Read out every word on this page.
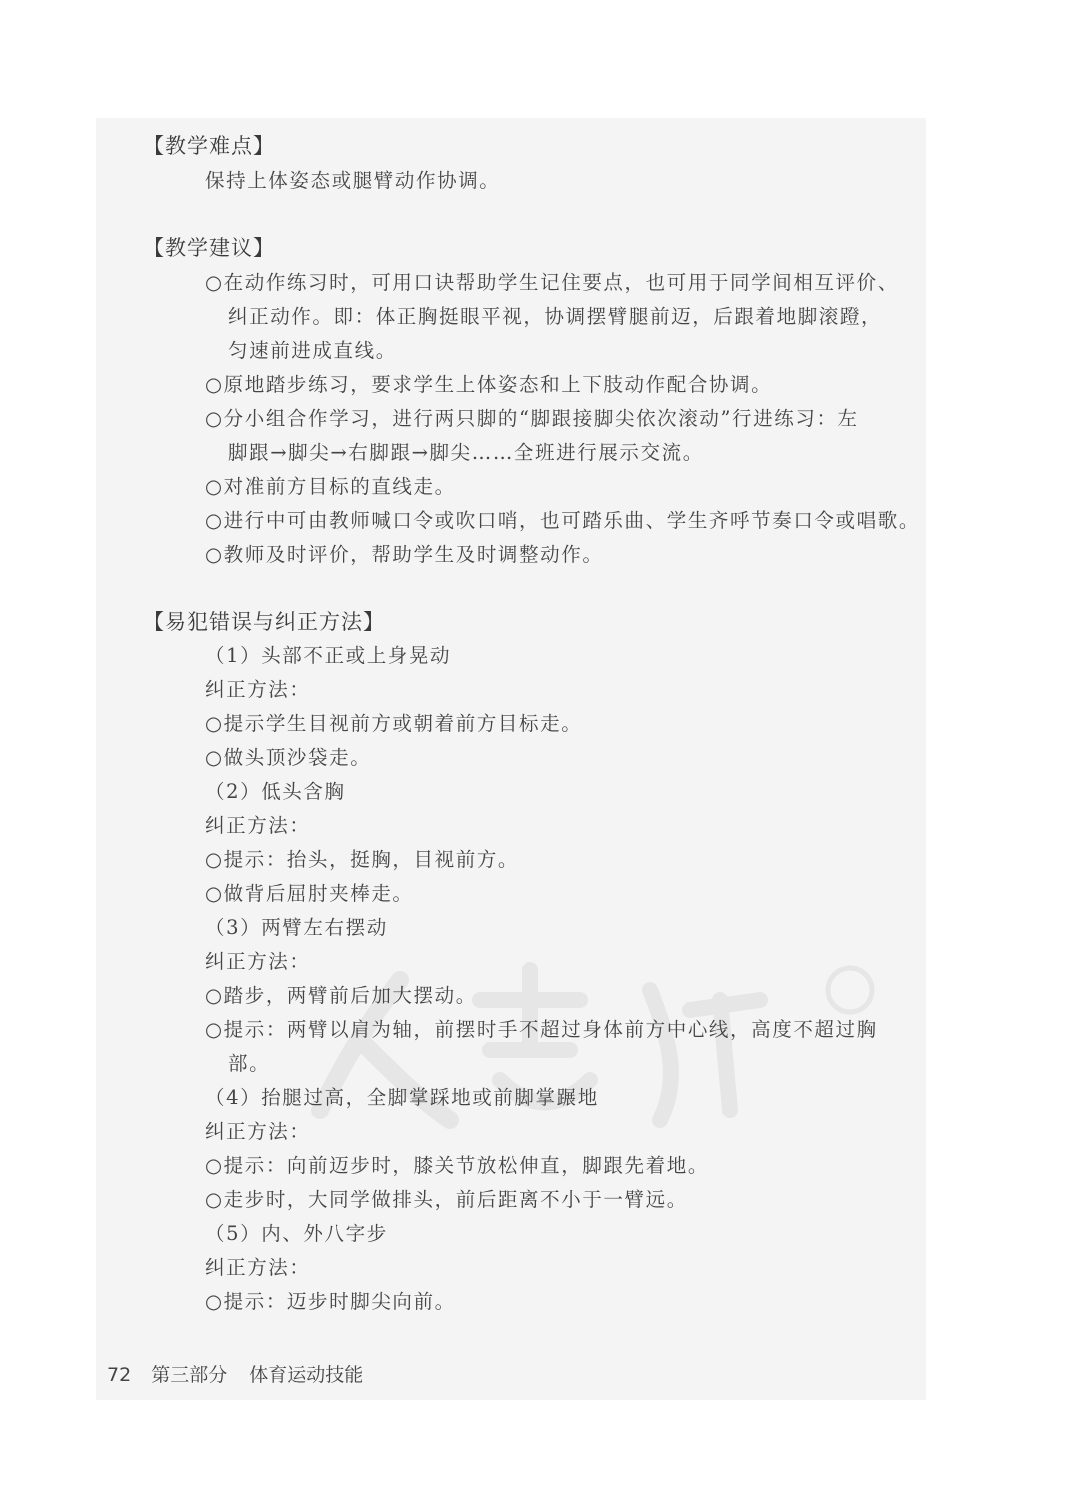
【教学难点】
保持上体姿态或腿臂动作协调。
【教学建议】
○在动作练习时，可用口诀帮助学生记住要点，也可用于同学间相互评价、
纠正动作。即：体正胸挺眼平视，协调摆臂腿前迈，后跟着地脚滚蹬，
匀速前进成直线。
○原地踏步练习，要求学生上体姿态和上下肢动作配合协调。
○分小组合作学习，进行两只脚的“脚跟接脚尖依次滚动”行进练习：左
脚跟→脚尖→右脚跟→脚尖……全班进行展示交流。
○对准前方目标的直线走。
○进行中可由教师喊口令或吹口哨，也可踏乐曲、学生齐呼节奏口令或唱歌。
○教师及时评价，帮助学生及时调整动作。
【易犯错误与纠正方法】
（1）头部不正或上身晃动
纠正方法：
○提示学生目视前方或朝着前方目标走。
○做头顶沙袋走。
（2）低头含胸
纠正方法：
○提示：抬头，挺胸，目视前方。
○做背后屈肘夹棒走。
（3）两臂左右摆动
纠正方法：
○踏步，两臂前后加大摆动。
○提示：两臂以肩为轴，前摆时手不超过身体前方中心线，高度不超过胸
部。
（4）抬腿过高，全脚掌踩地或前脚掌蹍地
纠正方法：
○提示：向前迈步时，膝关节放松伸直，脚跟先着地。
○走步时，大同学做排头，前后距离不小于一臂远。
（5）内、外八字步
纠正方法：
○提示：迈步时脚尖向前。
72 第三部分 体育运动技能
